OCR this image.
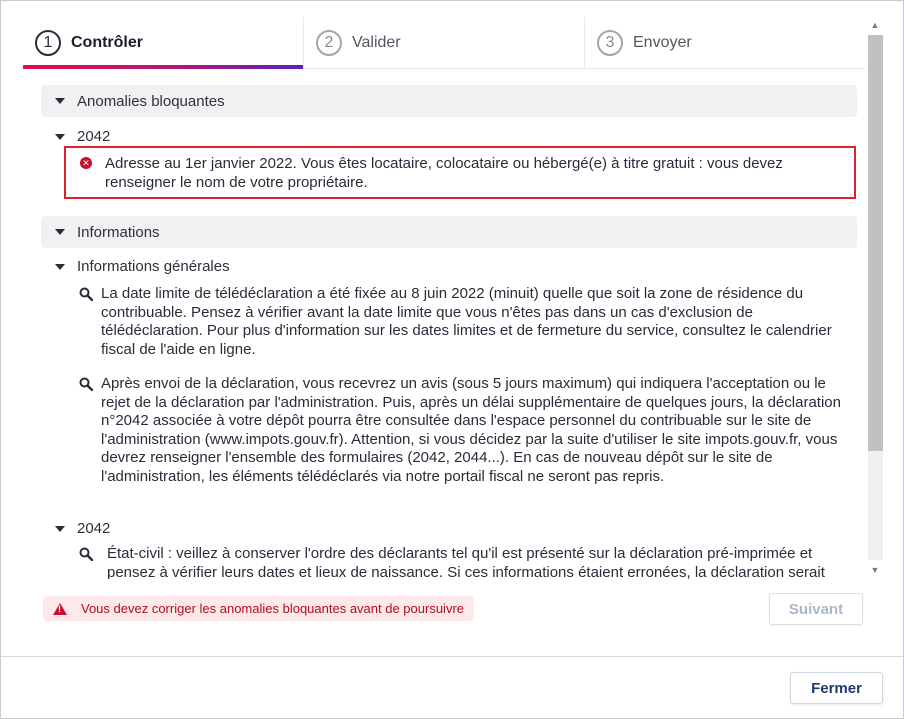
1	Contrôler	2	Valider	3	Envoyer
Anomalies bloquantes
2042
✕ Adresse au 1er janvier 2022. Vous êtes locataire, colocataire ou hébergé(e) à titre gratuit : vous devez renseigner le nom de votre propriétaire.
Informations
Informations générales
La date limite de télédéclaration a été fixée au 8 juin 2022 (minuit) quelle que soit la zone de résidence du contribuable. Pensez à vérifier avant la date limite que vous n'êtes pas dans un cas d'exclusion de télédéclaration. Pour plus d'information sur les dates limites et de fermeture du service, consultez le calendrier fiscal de l'aide en ligne.
Après envoi de la déclaration, vous recevrez un avis (sous 5 jours maximum) qui indiquera l'acceptation ou le rejet de la déclaration par l'administration. Puis, après un délai supplémentaire de quelques jours, la déclaration n°2042 associée à votre dépôt pourra être consultée dans l'espace personnel du contribuable sur le site de l'administration (www.impots.gouv.fr). Attention, si vous décidez par la suite d'utiliser le site impots.gouv.fr, vous devrez renseigner l'ensemble des formulaires (2042, 2044...). En cas de nouveau dépôt sur le site de l'administration, les éléments télédéclarés via notre portail fiscal ne seront pas repris.
2042
État-civil : veillez à conserver l'ordre des déclarants tel qu'il est présenté sur la déclaration pré-imprimée et pensez à vérifier leurs dates et lieux de naissance. Si ces informations étaient erronées, la déclaration serait
▲
▼
!
Vous devez corriger les anomalies bloquantes avant de poursuivre	Suivant
Fermer
